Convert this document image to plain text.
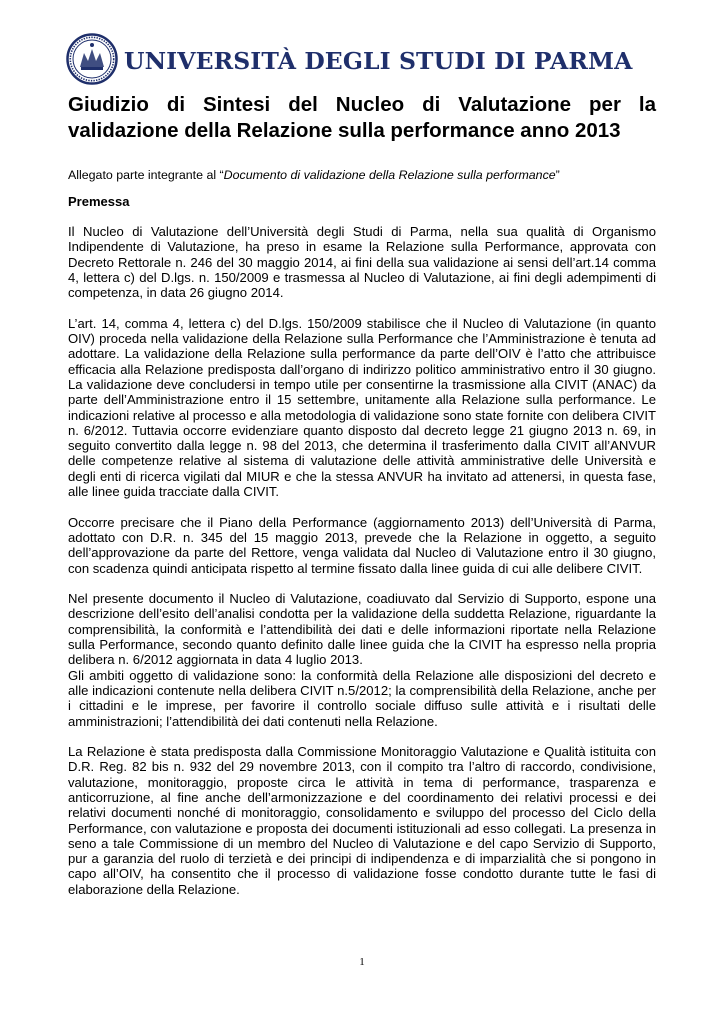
UNIVERSITÀ DEGLI STUDI DI PARMA
Giudizio di Sintesi del Nucleo di Valutazione per la validazione della Relazione sulla performance anno 2013
Allegato parte integrante al “Documento di validazione della Relazione sulla performance”
Premessa

Il Nucleo di Valutazione dell’Università degli Studi di Parma, nella sua qualità di Organismo Indipendente di Valutazione, ha preso in esame la Relazione sulla Performance, approvata con Decreto Rettorale n. 246 del 30 maggio 2014, ai fini della sua validazione ai sensi dell’art.14 comma 4, lettera c) del D.lgs. n. 150/2009 e trasmessa al Nucleo di Valutazione, ai fini degli adempimenti di competenza, in data 26 giugno 2014.

L’art. 14, comma 4, lettera c) del D.lgs. 150/2009 stabilisce che il Nucleo di Valutazione (in quanto OIV) proceda nella validazione della Relazione sulla Performance che l’Amministrazione è tenuta ad adottare. La validazione della Relazione sulla performance da parte dell’OIV è l’atto che attribuisce efficacia alla Relazione predisposta dall’organo di indirizzo politico amministrativo entro il 30 giugno. La validazione deve concludersi in tempo utile per consentirne la trasmissione alla CIVIT (ANAC) da parte dell’Amministrazione entro il 15 settembre, unitamente alla Relazione sulla performance. Le indicazioni relative al processo e alla metodologia di validazione sono state fornite con delibera CIVIT n. 6/2012. Tuttavia occorre evidenziare quanto disposto dal decreto legge 21 giugno 2013 n. 69, in seguito convertito dalla legge n. 98 del 2013, che determina il trasferimento dalla CIVIT all’ANVUR delle competenze relative al sistema di valutazione delle attività amministrative delle Università e degli enti di ricerca vigilati dal MIUR e che la stessa ANVUR ha invitato ad attenersi, in questa fase, alle linee guida tracciate dalla CIVIT.

Occorre precisare che il Piano della Performance (aggiornamento 2013) dell’Università di Parma, adottato con D.R. n. 345 del 15 maggio 2013, prevede che la Relazione in oggetto, a seguito dell’approvazione da parte del Rettore, venga validata dal Nucleo di Valutazione entro il 30 giugno, con scadenza quindi anticipata rispetto al termine fissato dalla linee guida di cui alle delibere CIVIT.

Nel presente documento il Nucleo di Valutazione, coadiuvato dal Servizio di Supporto, espone una descrizione dell’esito dell’analisi condotta per la validazione della suddetta Relazione, riguardante la comprensibilità, la conformità e l’attendibilità dei dati e delle informazioni riportate nella Relazione sulla Performance, secondo quanto definito dalle linee guida che la CIVIT ha espresso nella propria delibera n. 6/2012 aggiornata in data 4 luglio 2013.

Gli ambiti oggetto di validazione sono: la conformità della Relazione alle disposizioni del decreto e alle indicazioni contenute nella delibera CIVIT n.5/2012; la comprensibilità della Relazione, anche per i cittadini e le imprese, per favorire il controllo sociale diffuso sulle attività e i risultati delle amministrazioni; l’attendibilità dei dati contenuti nella Relazione.

La Relazione è stata predisposta dalla Commissione Monitoraggio Valutazione e Qualità istituita con D.R. Reg. 82 bis n. 932 del 29 novembre 2013, con il compito tra l’altro di raccordo, condivisione, valutazione, monitoraggio, proposte circa le attività in tema di performance, trasparenza e anticorruzione, al fine anche dell’armonizzazione e del coordinamento dei relativi processi e dei relativi documenti nonché di monitoraggio, consolidamento e sviluppo del processo del Ciclo della Performance, con valutazione e proposta dei documenti istituzionali ad esso collegati. La presenza in seno a tale Commissione di un membro del Nucleo di Valutazione e del capo Servizio di Supporto, pur a garanzia del ruolo di terzietà e dei principi di indipendenza e di imparzialità che si pongono in capo all’OIV, ha consentito che il processo di validazione fosse condotto durante tutte le fasi di elaborazione della Relazione.

1
